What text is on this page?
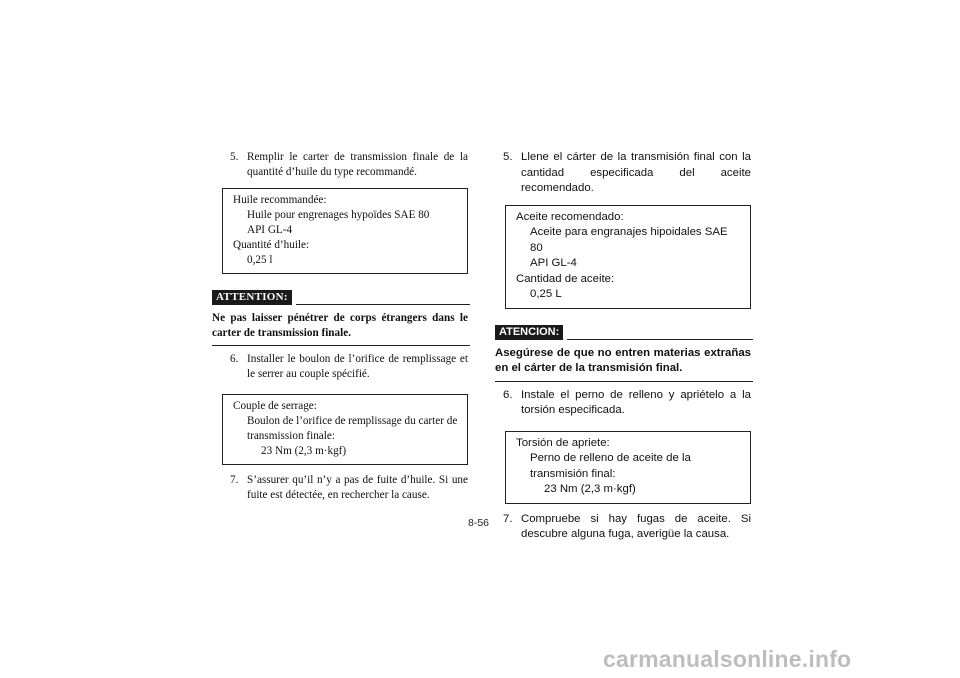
5. Remplir le carter de transmission finale de la quantité d’huile du type recommandé.
Huile recommandée:
Huile pour engrenages hypoïdes SAE 80
API GL-4
Quantité d’huile:
0,25 l
ATTENTION:
Ne pas laisser pénétrer de corps étrangers dans le carter de transmission finale.
6. Installer le boulon de l’orifice de remplissage et le serrer au couple spécifié.
Couple de serrage:
Boulon de l’orifice de remplissage du carter de transmission finale:
23 Nm (2,3 m·kgf)
7. S’assurer qu’il n’y a pas de fuite d’huile. Si une fuite est détectée, en rechercher la cause.
5. Llene el cárter de la transmisión final con la cantidad especificada del aceite recomendado.
Aceite recomendado:
Aceite para engranajes hipoidales SAE 80
API GL-4
Cantidad de aceite:
0,25 L
ATENCION:
Asegúrese de que no entren materias extrañas en el cárter de la transmisión final.
6. Instale el perno de relleno y apriételo a la torsión especificada.
Torsión de apriete:
Perno de relleno de aceite de la transmisión final:
23 Nm (2,3 m·kgf)
7. Compruebe si hay fugas de aceite. Si descubre alguna fuga, averigüe la causa.
8-56
carmanualsonline.info
